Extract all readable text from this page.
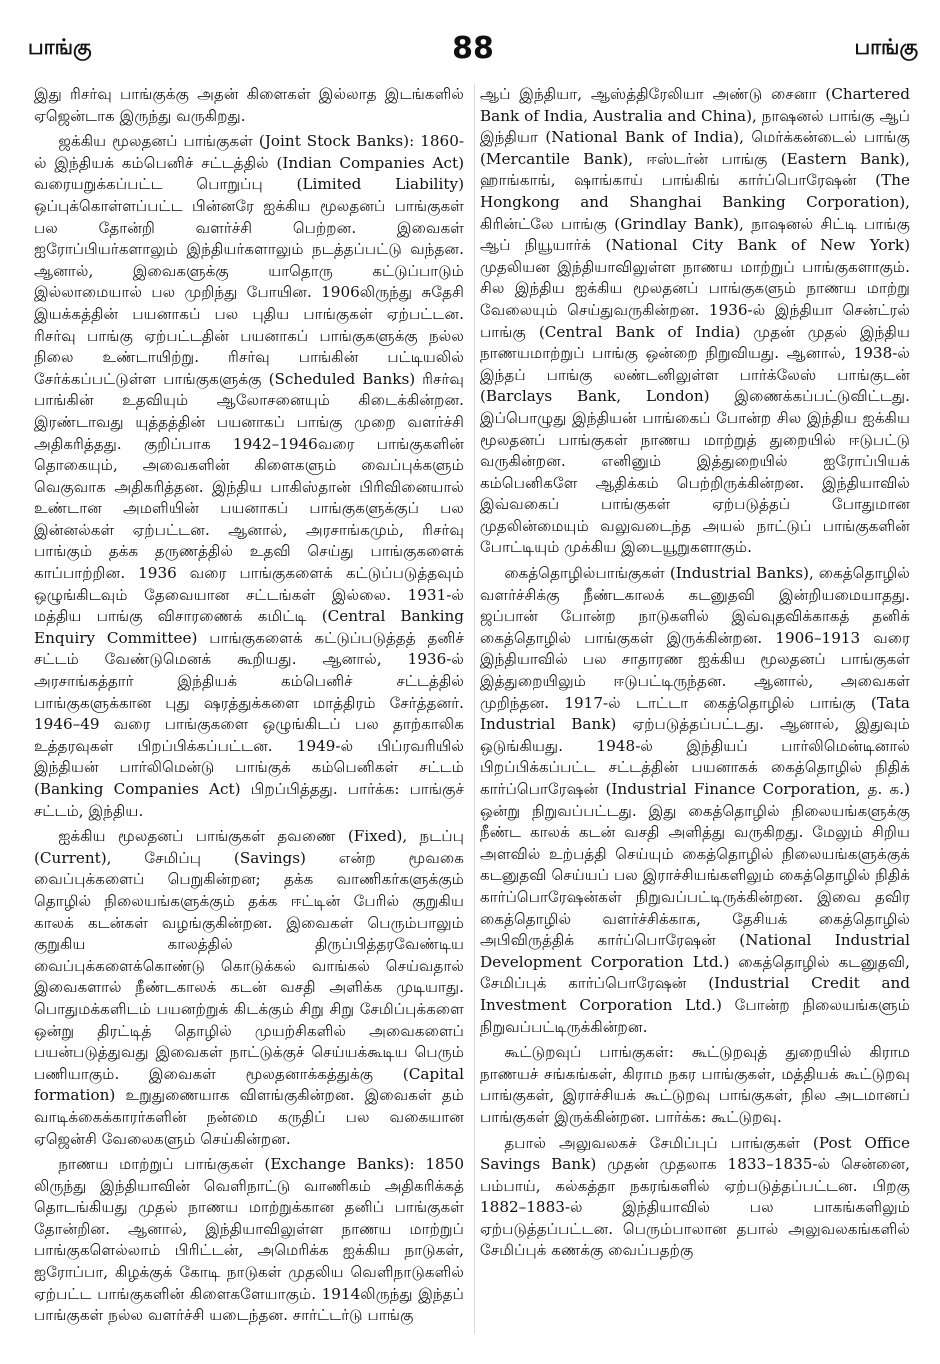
பாங்கு	88	பாங்கு

இது ரிசர்வு பாங்குக்கு அதன் கிளைகள் இல்லாத இடங்களில் ஏஜென்டாக இருந்து வருகிறது.

ஜக்கிய மூலதனப் பாங்குகள் (Joint Stock Banks): 1860-ல் இந்தியக் கம்பெனிச் சட்டத்தில் (Indian Companies Act) வரையறுக்கப்பட்ட பொறுப்பு (Limited Liability) ஒப்புக்கொள்ளப்பட்ட பின்னரே ஐக்கிய மூலதனப் பாங்குகள் பல தோன்றி வளர்ச்சி பெற்றன. இவைகள் ஐரோப்பியர்களாலும் இந்தியர்களாலும் நடத்தப்பட்டு வந்தன. ஆனால், இவைகளுக்கு யாதொரு கட்டுப்பாடும் இல்லாமையால் பல முறிந்து போயின. 1906லிருந்து சுதேசி இயக்கத்தின் பயனாகப் பல புதிய பாங்குகள் ஏற்பட்டன. ரிசர்வு பாங்கு ஏற்பட்டதின் பயனாகப் பாங்குகளுக்கு நல்ல நிலை உண்டாயிற்று. ரிசர்வு பாங்கின் பட்டியலில் சேர்க்கப்பட்டுள்ள பாங்குகளுக்கு (Scheduled Banks) ரிசர்வு பாங்கின் உதவியும் ஆலோசனையும் கிடைக்கின்றன. இரண்டாவது யுத்தத்தின் பயனாகப் பாங்கு முறை வளர்ச்சி அதிகரித்தது. குறிப்பாக 1942–1946வரை பாங்குகளின் தொகையும், அவைகளின் கிளைகளும் வைப்புக்களும் வெகுவாக அதிகரித்தன. இந்திய பாகிஸ்தான் பிரிவினையால் உண்டான அமளியின் பயனாகப் பாங்குகளுக்குப் பல இன்னல்கள் ஏற்பட்டன. ஆனால், அரசாங்கமும், ரிசர்வு பாங்கும் தக்க தருணத்தில் உதவி செய்து பாங்குகளைக் காப்பாற்றின. 1936 வரை பாங்குகளைக் கட்டுப்படுத்தவும் ஒழுங்கிடவும் தேவையான சட்டங்கள் இல்லை. 1931-ல் மத்திய பாங்கு விசாரணைக் கமிட்டி (Central Banking Enquiry Committee) பாங்குகளைக் கட்டுப்படுத்தத் தனிச் சட்டம் வேண்டுமெனக் கூறியது. ஆனால், 1936-ல் அரசாங்கத்தார் இந்தியக் கம்பெனிச் சட்டத்தில் பாங்குகளுக்கான புது ஷரத்துக்களை மாத்திரம் சேர்த்தனர். 1946–49 வரை பாங்குகளை ஒழுங்கிடப் பல தாற்காலிக உத்தரவுகள் பிறப்பிக்கப்பட்டன. 1949-ல் பிப்ரவரியில் இந்தியன் பார்லிமென்டு பாங்குக் கம்பெனிகள் சட்டம் (Banking Companies Act) பிறப்பித்தது. பார்க்க: பாங்குச் சட்டம், இந்திய.

ஐக்கிய மூலதனப் பாங்குகள் தவணை (Fixed), நடப்பு (Current), சேமிப்பு (Savings) என்ற மூவகை வைப்புக்களைப் பெறுகின்றன; தக்க வாணிகர்களுக்கும் தொழில் நிலையங்களுக்கும் தக்க ஈட்டின் பேரில் குறுகிய காலக் கடன்கள் வழங்குகின்றன. இவைகள் பெரும்பாலும் குறுகிய காலத்தில் திருப்பித்தரவேண்டிய வைப்புக்களைக்கொண்டு கொடுக்கல் வாங்கல் செய்வதால் இவைகளால் நீண்டகாலக் கடன் வசதி அளிக்க முடியாது. பொதுமக்களிடம் பயனற்றுக் கிடக்கும் சிறு சிறு சேமிப்புக்களை ஒன்று திரட்டித் தொழில் முயற்சிகளில் அவைகளைப் பயன்படுத்துவது இவைகள் நாட்டுக்குச் செய்யக்கூடிய பெரும் பணியாகும். இவைகள் மூலதனாக்கத்துக்கு (Capital formation) உறுதுணையாக விளங்குகின்றன. இவைகள் தம் வாடிக்கைக்காரர்களின் நன்மை கருதிப் பல வகையான ஏஜென்சி வேலைகளும் செய்கின்றன.

நாணய மாற்றுப் பாங்குகள் (Exchange Banks): 1850 லிருந்து இந்தியாவின் வெளிநாட்டு வாணிகம் அதிகரிக்கத் தொடங்கியது முதல் நாணய மாற்றுக்கான தனிப் பாங்குகள் தோன்றின. ஆனால், இந்தியாவிலுள்ள நாணய மாற்றுப் பாங்குகளெல்லாம் பிரிட்டன், அமெரிக்க ஐக்கிய நாடுகள், ஐரோப்பா, கிழக்குக் கோடி நாடுகள் முதலிய வெளிநாடுகளில் ஏற்பட்ட பாங்குகளின் கிளைகளேயாகும். 1914லிருந்து இந்தப் பாங்குகள் நல்ல வளர்ச்சி யடைந்தன. சார்ட்டர்டு பாங்கு

ஆப் இந்தியா, ஆஸ்த்திரேலியா அண்டு சைனா (Chartered Bank of India, Australia and China), நாஷனல் பாங்கு ஆப் இந்தியா (National Bank of India), மெர்க்கன்டைல் பாங்கு (Mercantile Bank), ஈஸ்டர்ன் பாங்கு (Eastern Bank), ஹாங்காங், ஷாங்காய் பாங்கிங் கார்ப்பொரேஷன் (The Hongkong and Shanghai Banking Corporation), கிரின்ட்லே பாங்கு (Grindlay Bank), நாஷனல் சிட்டி பாங்கு ஆப் நியூயார்க் (National City Bank of New York) முதலியன இந்தியாவிலுள்ள நாணய மாற்றுப் பாங்குகளாகும். சில இந்திய ஐக்கிய மூலதனப் பாங்குகளும் நாணய மாற்று வேலையும் செய்துவருகின்றன. 1936-ல் இந்தியா சென்ட்ரல் பாங்கு (Central Bank of India) முதன் முதல் இந்திய நாணயமாற்றுப் பாங்கு ஒன்றை நிறுவியது. ஆனால், 1938-ல் இந்தப் பாங்கு லண்டனிலுள்ள பார்க்லேஸ் பாங்குடன் (Barclays Bank, London) இணைக்கப்பட்டுவிட்டது. இப்பொழுது இந்தியன் பாங்கைப் போன்ற சில இந்திய ஐக்கிய மூலதனப் பாங்குகள் நாணய மாற்றுத் துறையில் ஈடுபட்டு வருகின்றன. எனினும் இத்துறையில் ஐரோப்பியக் கம்பெனிகளே ஆதிக்கம் பெற்றிருக்கின்றன. இந்தியாவில் இவ்வகைப் பாங்குகள் ஏற்படுத்தப் போதுமான முதலின்மையும் வலுவடைந்த அயல் நாட்டுப் பாங்குகளின் போட்டியும் முக்கிய இடையூறுகளாகும்.

கைத்தொழில்பாங்குகள் (Industrial Banks), கைத்தொழில் வளர்ச்சிக்கு நீண்டகாலக் கடனுதவி இன்றியமையாதது. ஜப்பான் போன்ற நாடுகளில் இவ்வுதவிக்காகத் தனிக் கைத்தொழில் பாங்குகள் இருக்கின்றன. 1906–1913 வரை இந்தியாவில் பல சாதாரண ஐக்கிய மூலதனப் பாங்குகள் இத்துறையிலும் ஈடுபட்டிருந்தன. ஆனால், அவைகள் முறிந்தன. 1917-ல் டாட்டா கைத்தொழில் பாங்கு (Tata Industrial Bank) ஏற்படுத்தப்பட்டது. ஆனால், இதுவும் ஒடுங்கியது. 1948-ல் இந்தியப் பார்லிமென்டினால் பிறப்பிக்கப்பட்ட சட்டத்தின் பயனாகக் கைத்தொழில் நிதிக் கார்ப்பொரேஷன் (Industrial Finance Corporation, த. க.) ஒன்று நிறுவப்பட்டது. இது கைத்தொழில் நிலையங்களுக்கு நீண்ட காலக் கடன் வசதி அளித்து வருகிறது. மேலும் சிறிய அளவில் உற்பத்தி செய்யும் கைத்தொழில் நிலையங்களுக்குக் கடனுதவி செய்யப் பல இராச்சியங்களிலும் கைத்தொழில் நிதிக் கார்ப்பொரேஷன்கள் நிறுவப்பட்டிருக்கின்றன. இவை தவிர கைத்தொழில் வளர்ச்சிக்காக, தேசியக் கைத்தொழில் அபிவிருத்திக் கார்ப்பொரேஷன் (National Industrial Development Corporation Ltd.) கைத்தொழில் கடனுதவி, சேமிப்புக் கார்ப்பொரேஷன் (Industrial Credit and Investment Corporation Ltd.) போன்ற நிலையங்களும் நிறுவப்பட்டிருக்கின்றன.

கூட்டுறவுப் பாங்குகள்: கூட்டுறவுத் துறையில் கிராம நாணயச் சங்கங்கள், கிராம நகர பாங்குகள், மத்தியக் கூட்டுறவு பாங்குகள், இராச்சியக் கூட்டுறவு பாங்குகள், நில அடமானப் பாங்குகள் இருக்கின்றன. பார்க்க: கூட்டுறவு.

தபால் அலுவலகச் சேமிப்புப் பாங்குகள் (Post Office Savings Bank) முதன் முதலாக 1833–1835-ல் சென்னை, பம்பாய், கல்கத்தா நகரங்களில் ஏற்படுத்தப்பட்டன. பிறகு 1882–1883-ல் இந்தியாவில் பல பாகங்களிலும் ஏற்படுத்தப்பட்டன. பெரும்பாலான தபால் அலுவலகங்களில் சேமிப்புக் கணக்கு வைப்பதற்கு
